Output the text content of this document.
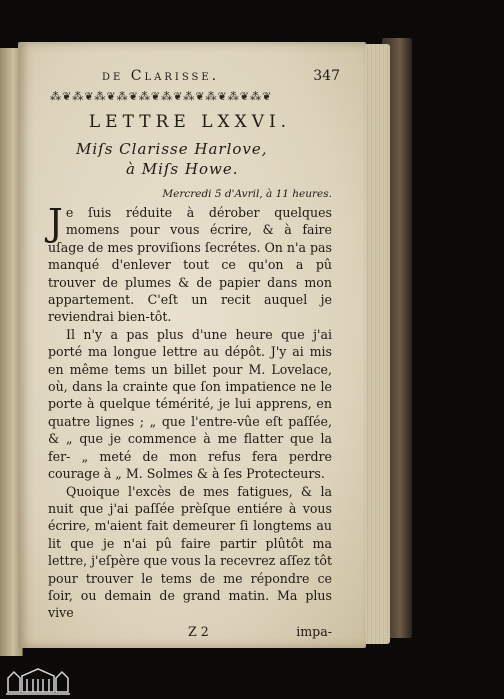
de Clarisse.	347
⁂❦⁂❦⁂❦⁂❦⁂❦⁂❦⁂❦⁂❦⁂❦⁂❦
LETTRE LXXVI.
Miſs Clarisse Harlove,
à Miſs Howe.
Mercredi 5 d'Avril, à 11 heures.

Je ſuis réduite à dérober quelques momens pour vous écrire, & à faire uſage de mes proviſions ſecrétes. On n'a pas manqué d'enlever tout ce qu'on a pû trouver de plumes & de papier dans mon appartement. C'eſt un recit auquel je reviendrai bien-tôt.

Il n'y a pas plus d'une heure que j'ai porté ma longue lettre au dépôt. J'y ai mis en même tems un billet pour M. Lovelace, où, dans la crainte que ſon impatience ne le porte à quelque témérité, je lui apprens, en quatre lignes ; „ que l'entre-vûe eſt paſſée, & „ que je commence à me flatter que la fer- „ meté de mon refus fera perdre courage à „ M. Solmes & à ſes Protecteurs.

Quoique l'excès de mes fatigues, & la nuit que j'ai paſſée prèſque entiére à vous écrire, m'aient fait demeurer ſi longtems au lit que je n'ai pû faire partir plûtôt ma lettre, j'eſpère que vous la recevrez aſſez tôt pour trouver le tems de me répondre ce ſoir, ou demain de grand matin. Ma plus vive

Z 2	impa-
